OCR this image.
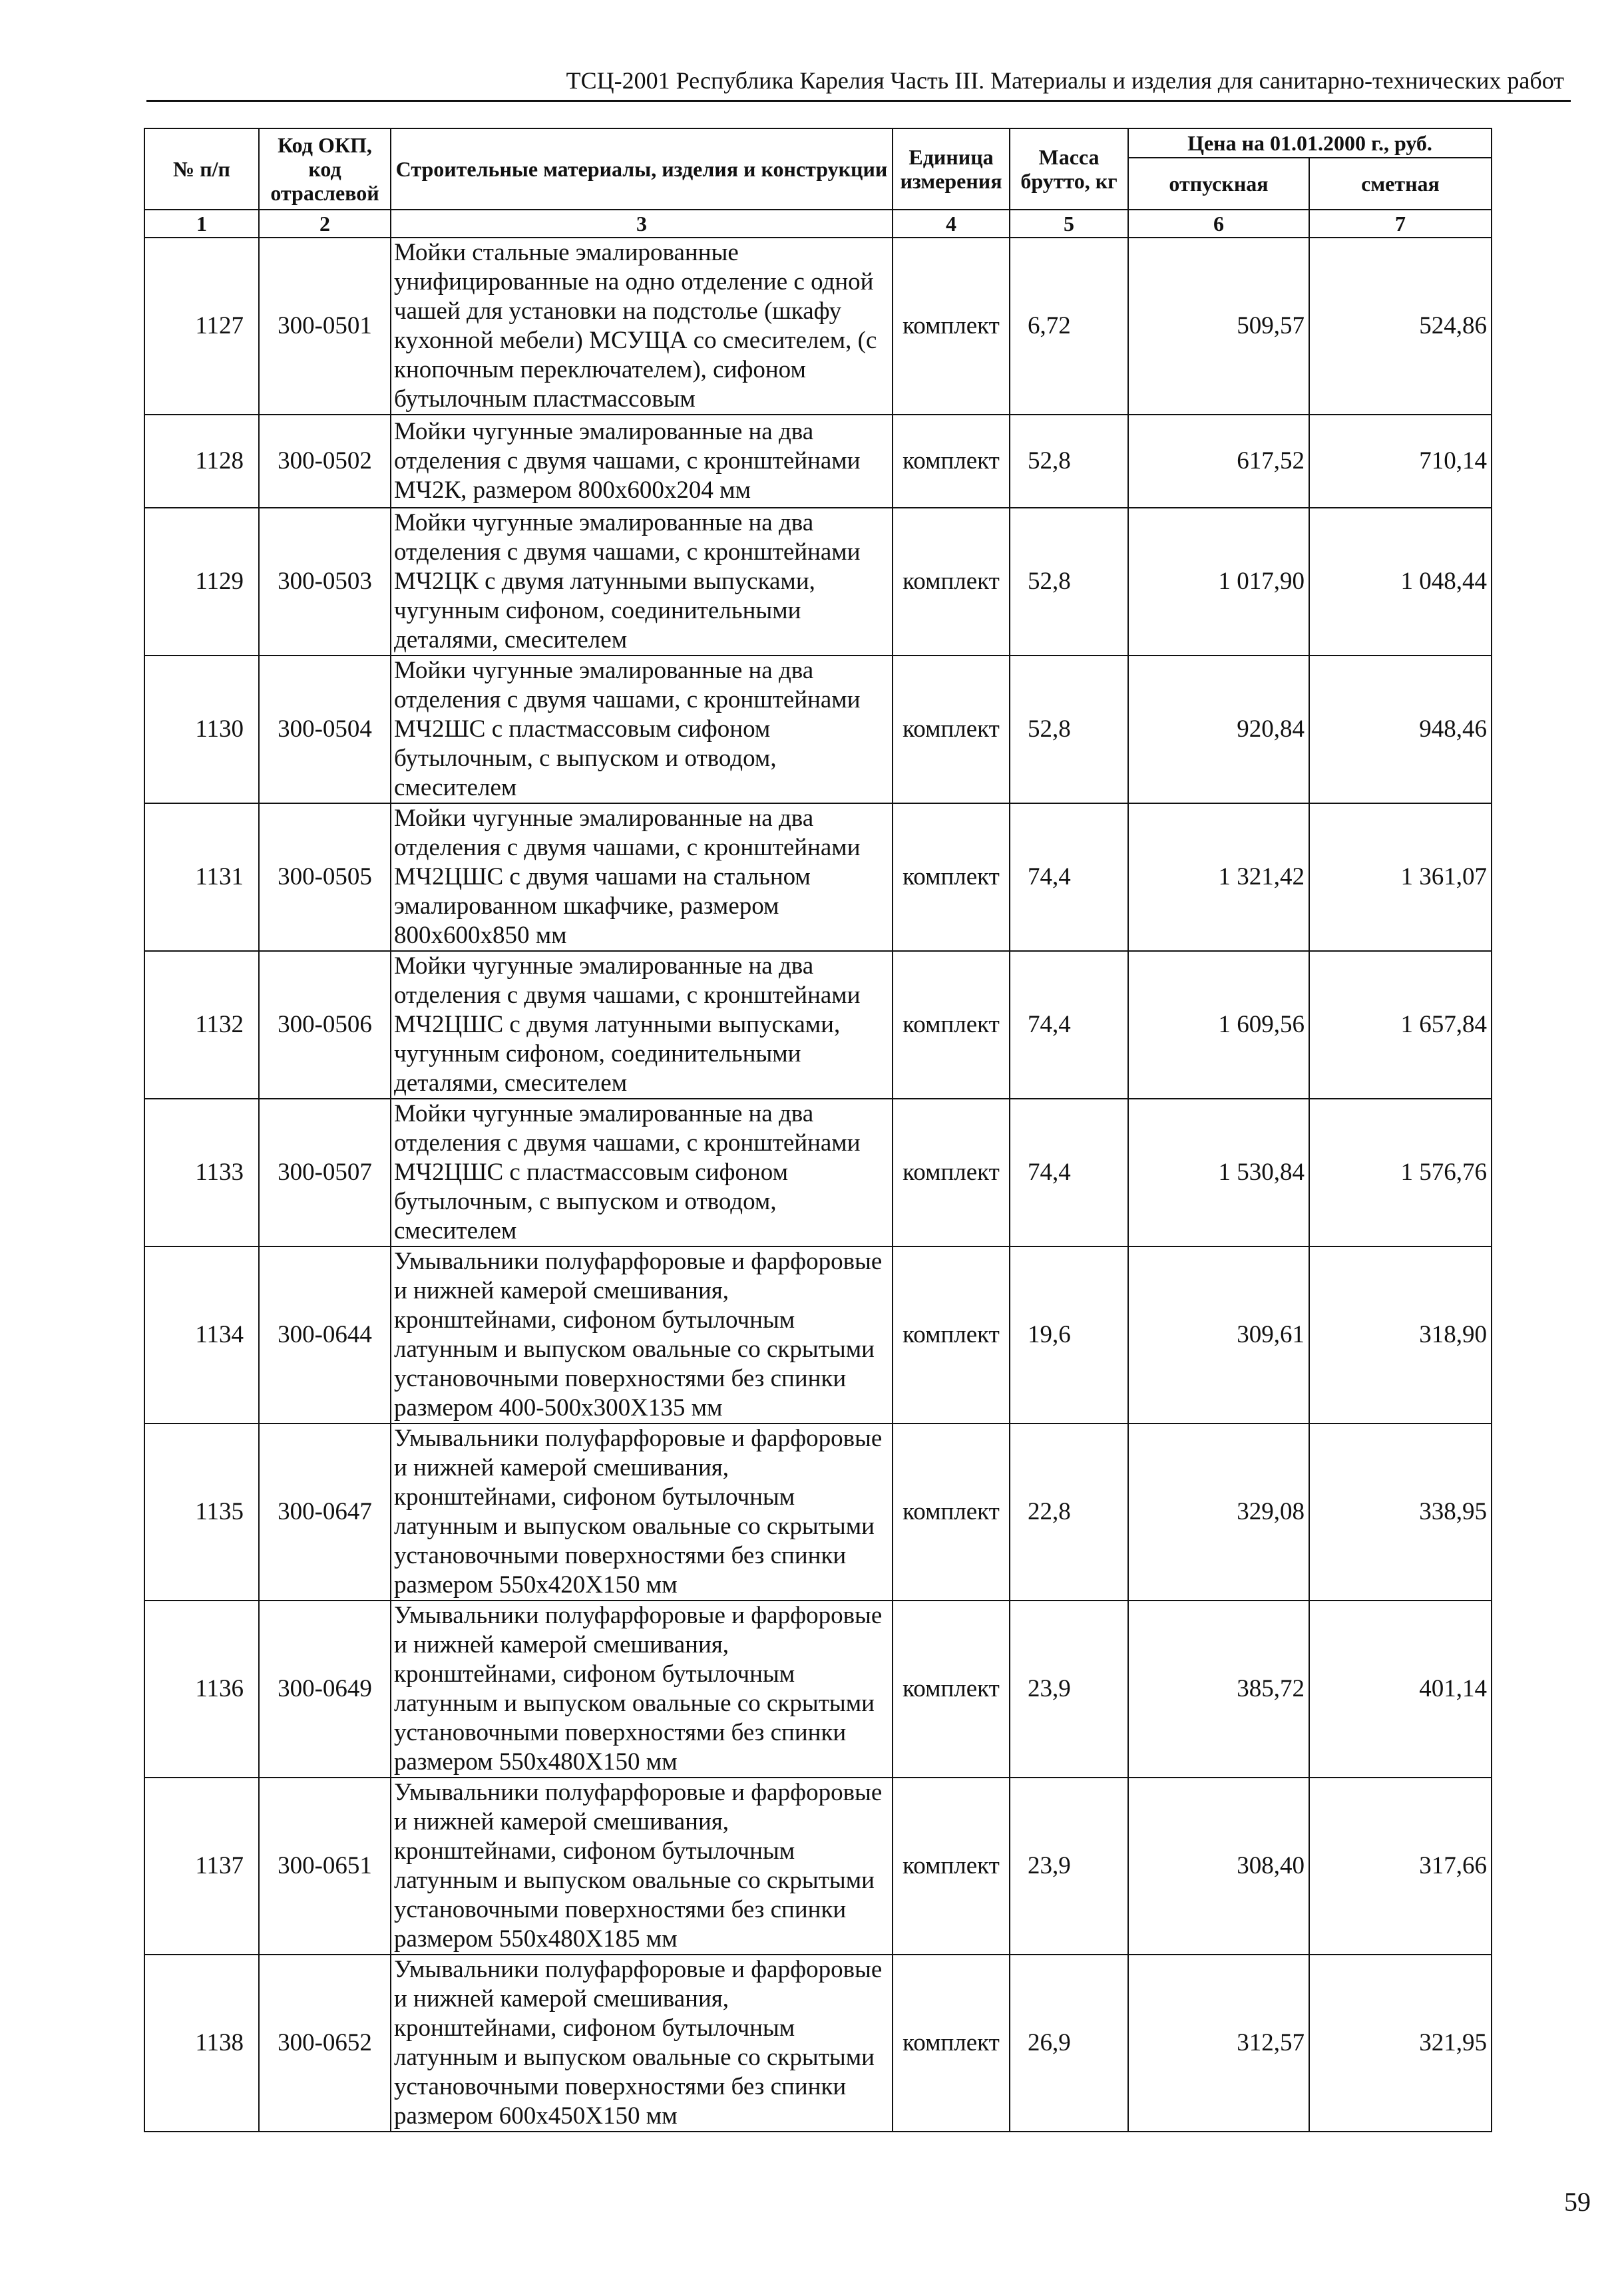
ТСЦ-2001 Республика Карелия Часть III. Материалы и изделия для санитарно-технических работ
№ п/п	Код ОКП, код отраслевой	Строительные материалы, изделия и конструкции	Единица измерения	Масса брутто, кг	Цена на 01.01.2000 г., руб.	
					отпускная	сметная
1	2	3	4	5	6	7
1127	300-0501	Мойки стальные эмалированные унифицированные на одно отделение с одной чашей для установки на подстолье (шкафу кухонной мебели) МСУЩА со смесителем, (с кнопочным переключателем), сифоном бутылочным пластмассовым	комплект	6,72	509,57	524,86
1128	300-0502	Мойки чугунные эмалированные на два отделения с двумя чашами, с кронштейнами МЧ2К, размером 800х600х204 мм	комплект	52,8	617,52	710,14
1129	300-0503	Мойки чугунные эмалированные на два отделения с двумя чашами, с кронштейнами МЧ2ЦК с двумя латунными выпусками, чугунным сифоном, соединительными деталями, смесителем	комплект	52,8	1 017,90	1 048,44
1130	300-0504	Мойки чугунные эмалированные на два отделения с двумя чашами, с кронштейнами МЧ2ШС с пластмассовым сифоном бутылочным, с выпуском и отводом, смесителем	комплект	52,8	920,84	948,46
1131	300-0505	Мойки чугунные эмалированные на два отделения с двумя чашами, с кронштейнами МЧ2ЦШС с двумя чашами на стальном эмалированном шкафчике, размером 800х600х850 мм	комплект	74,4	1 321,42	1 361,07
1132	300-0506	Мойки чугунные эмалированные на два отделения с двумя чашами, с кронштейнами МЧ2ЦШС с двумя латунными выпусками, чугунным сифоном, соединительными деталями, смесителем	комплект	74,4	1 609,56	1 657,84
1133	300-0507	Мойки чугунные эмалированные на два отделения с двумя чашами, с кронштейнами МЧ2ЦШС с пластмассовым сифоном бутылочным, с выпуском и отводом, смесителем	комплект	74,4	1 530,84	1 576,76
1134	300-0644	Умывальники полуфарфоровые и фарфоровые и нижней камерой смешивания, кронштейнами, сифоном бутылочным латунным и выпуском овальные со скрытыми установочными поверхностями без спинки размером 400-500х300Х135 мм	комплект	19,6	309,61	318,90
1135	300-0647	Умывальники полуфарфоровые и фарфоровые и нижней камерой смешивания, кронштейнами, сифоном бутылочным латунным и выпуском овальные со скрытыми установочными поверхностями без спинки размером 550х420Х150 мм	комплект	22,8	329,08	338,95
1136	300-0649	Умывальники полуфарфоровые и фарфоровые и нижней камерой смешивания, кронштейнами, сифоном бутылочным латунным и выпуском овальные со скрытыми установочными поверхностями без спинки размером 550х480Х150 мм	комплект	23,9	385,72	401,14
1137	300-0651	Умывальники полуфарфоровые и фарфоровые и нижней камерой смешивания, кронштейнами, сифоном бутылочным латунным и выпуском овальные со скрытыми установочными поверхностями без спинки размером 550х480Х185 мм	комплект	23,9	308,40	317,66
1138	300-0652	Умывальники полуфарфоровые и фарфоровые и нижней камерой смешивания, кронштейнами, сифоном бутылочным латунным и выпуском овальные со скрытыми установочными поверхностями без спинки размером 600х450Х150 мм	комплект	26,9	312,57	321,95
59
